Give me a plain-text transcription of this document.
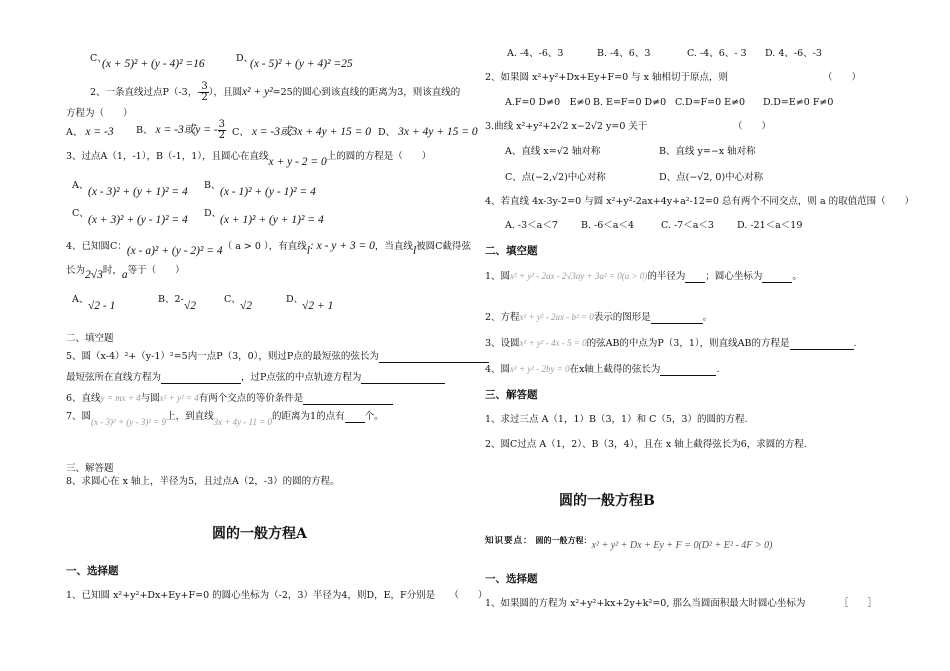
C、
(x + 5)² + (y - 4)² =16	D、
(x - 5)² + (y + 4)² =25
2、一条直线过点P（-3，- $\frac{3}{2}$ ），且圆x² + y²=25的圆心到该直线的距离为3，则该直线的
方程为（　　）
A、 x = -3 B、 x = -3或y = - $\frac{3}{2}$ C、 x = -3或3x + 4y + 15 = 0 D、 3x + 4y + 15 = 0
3、过点A（1，-1），B（-1，1），且圆心在直线x + y - 2 = 0上的圆的方程是（　　）
A、
(x - 3)² + (y + 1)² = 4
B、
(x - 1)² + (y - 1)² = 4
C、
(x + 3)² + (y - 1)² = 4
D、
(x + 1)² + (y + 1)² = 4
4、已知圆C：(x - a)² + (y - 2)² = 4（ a > 0 ），有直线l: x - y + 3 = 0，当直线l被圆C截得弦
长为2√3时，a等于（　　）
A、
√2 - 1
B、2-
√2
C、
√2
D、
√2 + 1
二、填空题
5、圆（x-4）²+（y-1）²=5内一点P（3，0），则过P点的最短弦的弦长为
最短弦所在直线方程为	，过P点弦的中点轨迹方程为
6、直线y = mx + 4与圆x² + y² = 4有两个交点的等价条件是
7、圆(x - 3)² + (y - 3)² = 9上，到直线3x + 4y - 11 = 0的距离为1的点有 个。
三、解答题
8、求圆心在 x 轴上，半径为5，且过点A（2，-3）的圆的方程。
圆的一般方程A
一、选择题
1、已知圆 x²+y²+Dx+Ey+F=0 的圆心坐标为（-2，3）半径为4，则D，E，F分别是　　（　　）
A. -4、-6、3	B. -4、6、3	C. -4、6、- 3 D. 4、-6、-3
2、如果圆 x²+y²+Dx+Ey+F=0 与 x 轴相切于原点，则	（　　）
A.F=0 D≠0　E≠0 B. E=F=0 D≠0 C.D=F=0 E≠0 D.D=E≠0 F≠0
3.曲线 x²+y²+2√2 x−2√2 y=0 关于	（　　）
A、直线 x=√2 轴对称	B、直线 y=−x 轴对称
C、点(−2,√2)中心对称	D、点(−√2, 0)中心对称
4、若直线 4x-3y-2=0 与圆 x²+y²-2ax+4y+a²-12=0 总有两个不同交点，则 a 的取值范围（　　）
A. -3＜a＜7 B. -6＜a＜4	C. -7＜a＜3 D. -21＜a＜19
二、填空题
1、圆x² + y² - 2ax - 2√3ay + 3a² = 0(a > 0)的半径为 ；圆心坐标为	。
2、方程x² + y² - 2ax - b² = 0表示的图形是	。
3、设圆x² + y² - 4x - 5 = 0的弦AB的中点为P（3，1），则直线AB的方程是	.
4、圆x² + y² - 2by = 0在x轴上截得的弦长为	.
三、解答题
1、求过三点 A（1，1）B（3，1）和 C（5，3）的圆的方程.
2、圆C过点 A（1，2）、B（3，4），且在 x 轴上截得弦长为6，求圆的方程.
圆的一般方程B
知识要点： 圆的一般方程：x² + y² + Dx + Ey + F = 0(D² + E² - 4F > 0)
一、选择题
1、如果圆的方程为 x²+y²+kx+2y+k²=0, 那么当圆面积最大时圆心坐标为	［　　］
